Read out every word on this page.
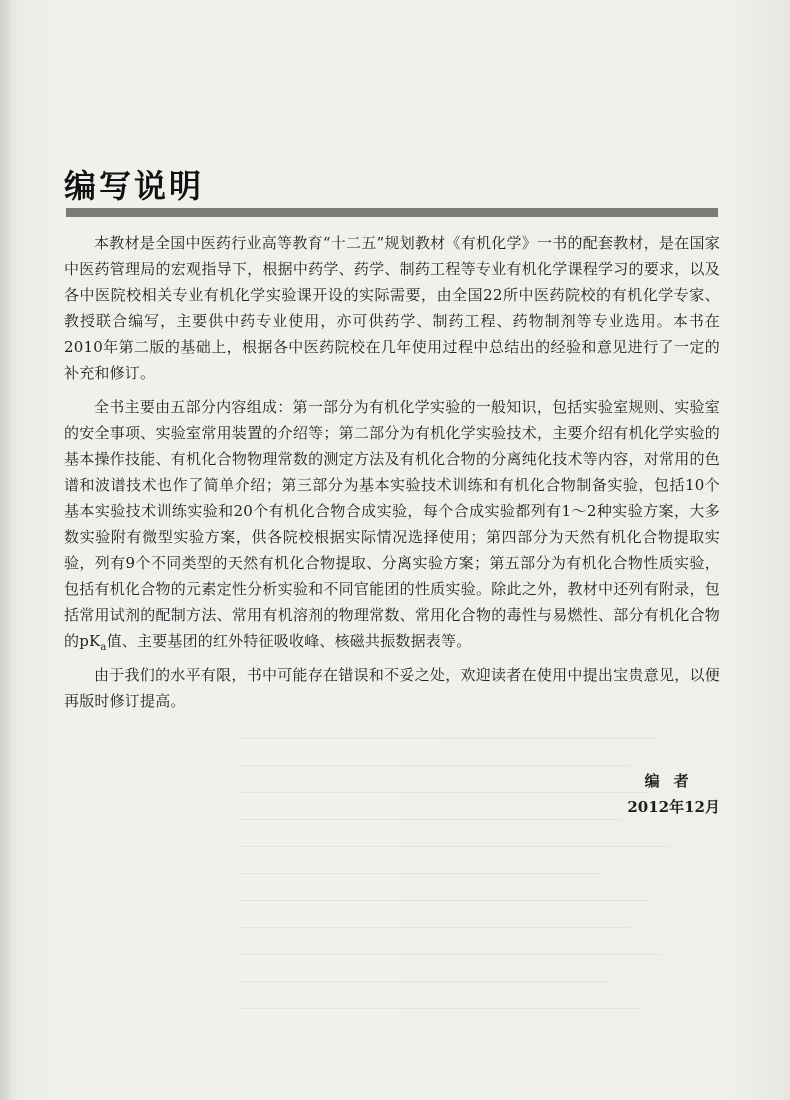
编写说明

本教材是全国中医药行业高等教育“十二五”规划教材《有机化学》一书的配套教材，是在国家中医药管理局的宏观指导下，根据中药学、药学、制药工程等专业有机化学课程学习的要求，以及各中医院校相关专业有机化学实验课开设的实际需要，由全国22所中医药院校的有机化学专家、教授联合编写，主要供中药专业使用，亦可供药学、制药工程、药物制剂等专业选用。本书在2010年第二版的基础上，根据各中医药院校在几年使用过程中总结出的经验和意见进行了一定的补充和修订。

全书主要由五部分内容组成：第一部分为有机化学实验的一般知识，包括实验室规则、实验室的安全事项、实验室常用装置的介绍等；第二部分为有机化学实验技术，主要介绍有机化学实验的基本操作技能、有机化合物物理常数的测定方法及有机化合物的分离纯化技术等内容，对常用的色谱和波谱技术也作了简单介绍；第三部分为基本实验技术训练和有机化合物制备实验，包括10个基本实验技术训练实验和20个有机化合物合成实验，每个合成实验都列有1～2种实验方案，大多数实验附有微型实验方案，供各院校根据实际情况选择使用；第四部分为天然有机化合物提取实验，列有9个不同类型的天然有机化合物提取、分离实验方案；第五部分为有机化合物性质实验，包括有机化合物的元素定性分析实验和不同官能团的性质实验。除此之外，教材中还列有附录，包括常用试剂的配制方法、常用有机溶剂的物理常数、常用化合物的毒性与易燃性、部分有机化合物的$pK_a$值、主要基团的红外特征吸收峰、核磁共振数据表等。

由于我们的水平有限，书中可能存在错误和不妥之处，欢迎读者在使用中提出宝贵意见，以便再版时修订提高。

编者
2012年12月
